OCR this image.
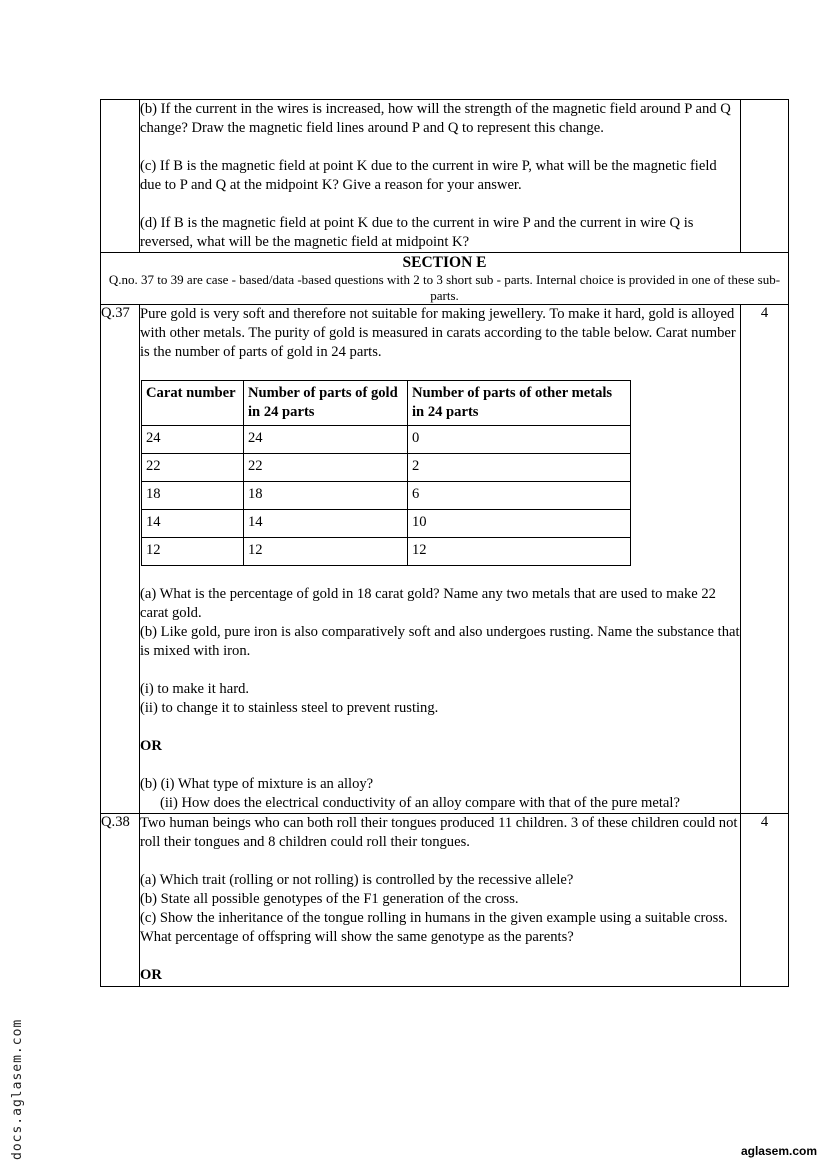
(b) If the current in the wires is increased, how will the strength of the magnetic field around P and Q change? Draw the magnetic field lines around P and Q to represent this change.

(c) If B is the magnetic field at point K due to the current in wire P, what will be the magnetic field due to P and Q at the midpoint K? Give a reason for your answer.

(d) If B is the magnetic field at point K due to the current in wire P and the current in wire Q is reversed, what will be the magnetic field at midpoint K?

SECTION E
Q.no. 37 to 39 are case - based/data -based questions with 2 to 3 short sub - parts. Internal choice is provided in one of these sub-parts.

Q.37	Pure gold is very soft and therefore not suitable for making jewellery. To make it hard, gold is alloyed with other metals. The purity of gold is measured in carats according to the table below. Carat number is the number of parts of gold in 24 parts.

Carat number	Number of parts of gold in 24 parts	Number of parts of other metals in 24 parts
24	24	0
22	22	2
18	18	6
14	14	10
12	12	12

(a) What is the percentage of gold in 18 carat gold? Name any two metals that are used to make 22 carat gold.

(b) Like gold, pure iron is also comparatively soft and also undergoes rusting. Name the substance that is mixed with iron.

(i) to make it hard.

(ii) to change it to stainless steel to prevent rusting.

OR

(b) (i) What type of mixture is an alloy?

(ii) How does the electrical conductivity of an alloy compare with that of the pure metal?

	4
Q.38	Two human beings who can both roll their tongues produced 11 children. 3 of these children could not roll their tongues and 8 children could roll their tongues.

(a) Which trait (rolling or not rolling) is controlled by the recessive allele?

(b) State all possible genotypes of the F1 generation of the cross.

(c) Show the inheritance of the tongue rolling in humans in the given example using a suitable cross. What percentage of offspring will show the same genotype as the parents?

OR

	4
docs.aglasem.com	aglasem.com
